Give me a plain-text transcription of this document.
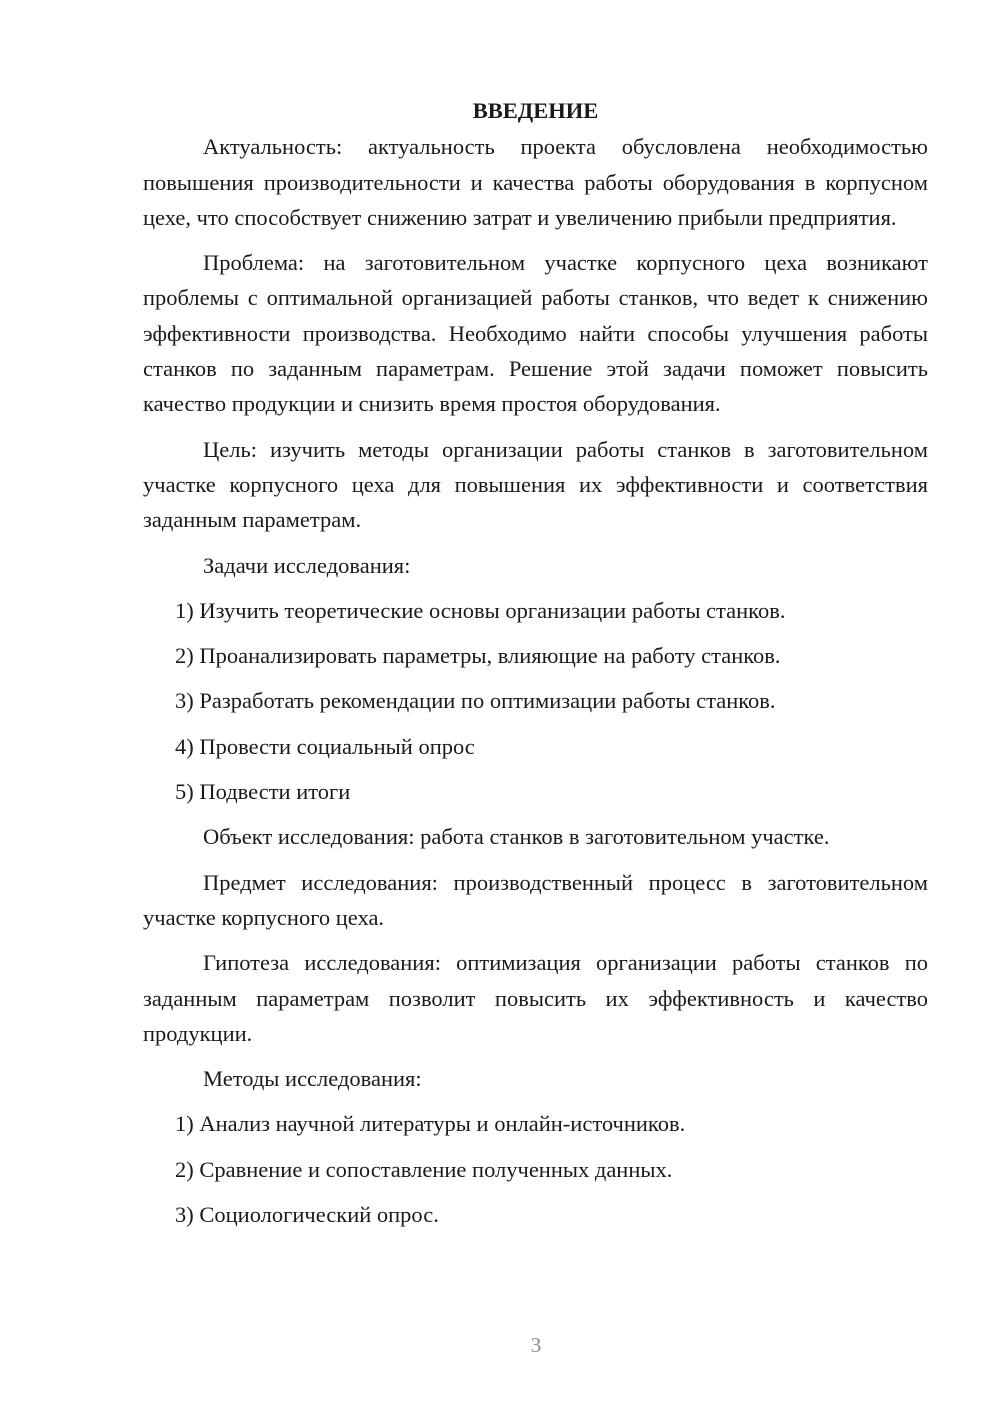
ВВЕДЕНИЕ

Актуальность: актуальность проекта обусловлена необходимостью повышения производительности и качества работы оборудования в корпусном цехе, что способствует снижению затрат и увеличению прибыли предприятия.

Проблема: на заготовительном участке корпусного цеха возникают проблемы с оптимальной организацией работы станков, что ведет к снижению эффективности производства. Необходимо найти способы улучшения работы станков по заданным параметрам. Решение этой задачи поможет повысить качество продукции и снизить время простоя оборудования.

Цель: изучить методы организации работы станков в заготовительном участке корпусного цеха для повышения их эффективности и соответствия заданным параметрам.

Задачи исследования:

1) Изучить теоретические основы организации работы станков.

2) Проанализировать параметры, влияющие на работу станков.

3) Разработать рекомендации по оптимизации работы станков.

4) Провести социальный опрос

5) Подвести итоги

Объект исследования: работа станков в заготовительном участке.

Предмет исследования: производственный процесс в заготовительном участке корпусного цеха.

Гипотеза исследования: оптимизация организации работы станков по заданным параметрам позволит повысить их эффективность и качество продукции.

Методы исследования:

1) Анализ научной литературы и онлайн-источников.

2) Сравнение и сопоставление полученных данных.

3) Социологический опрос.

3
